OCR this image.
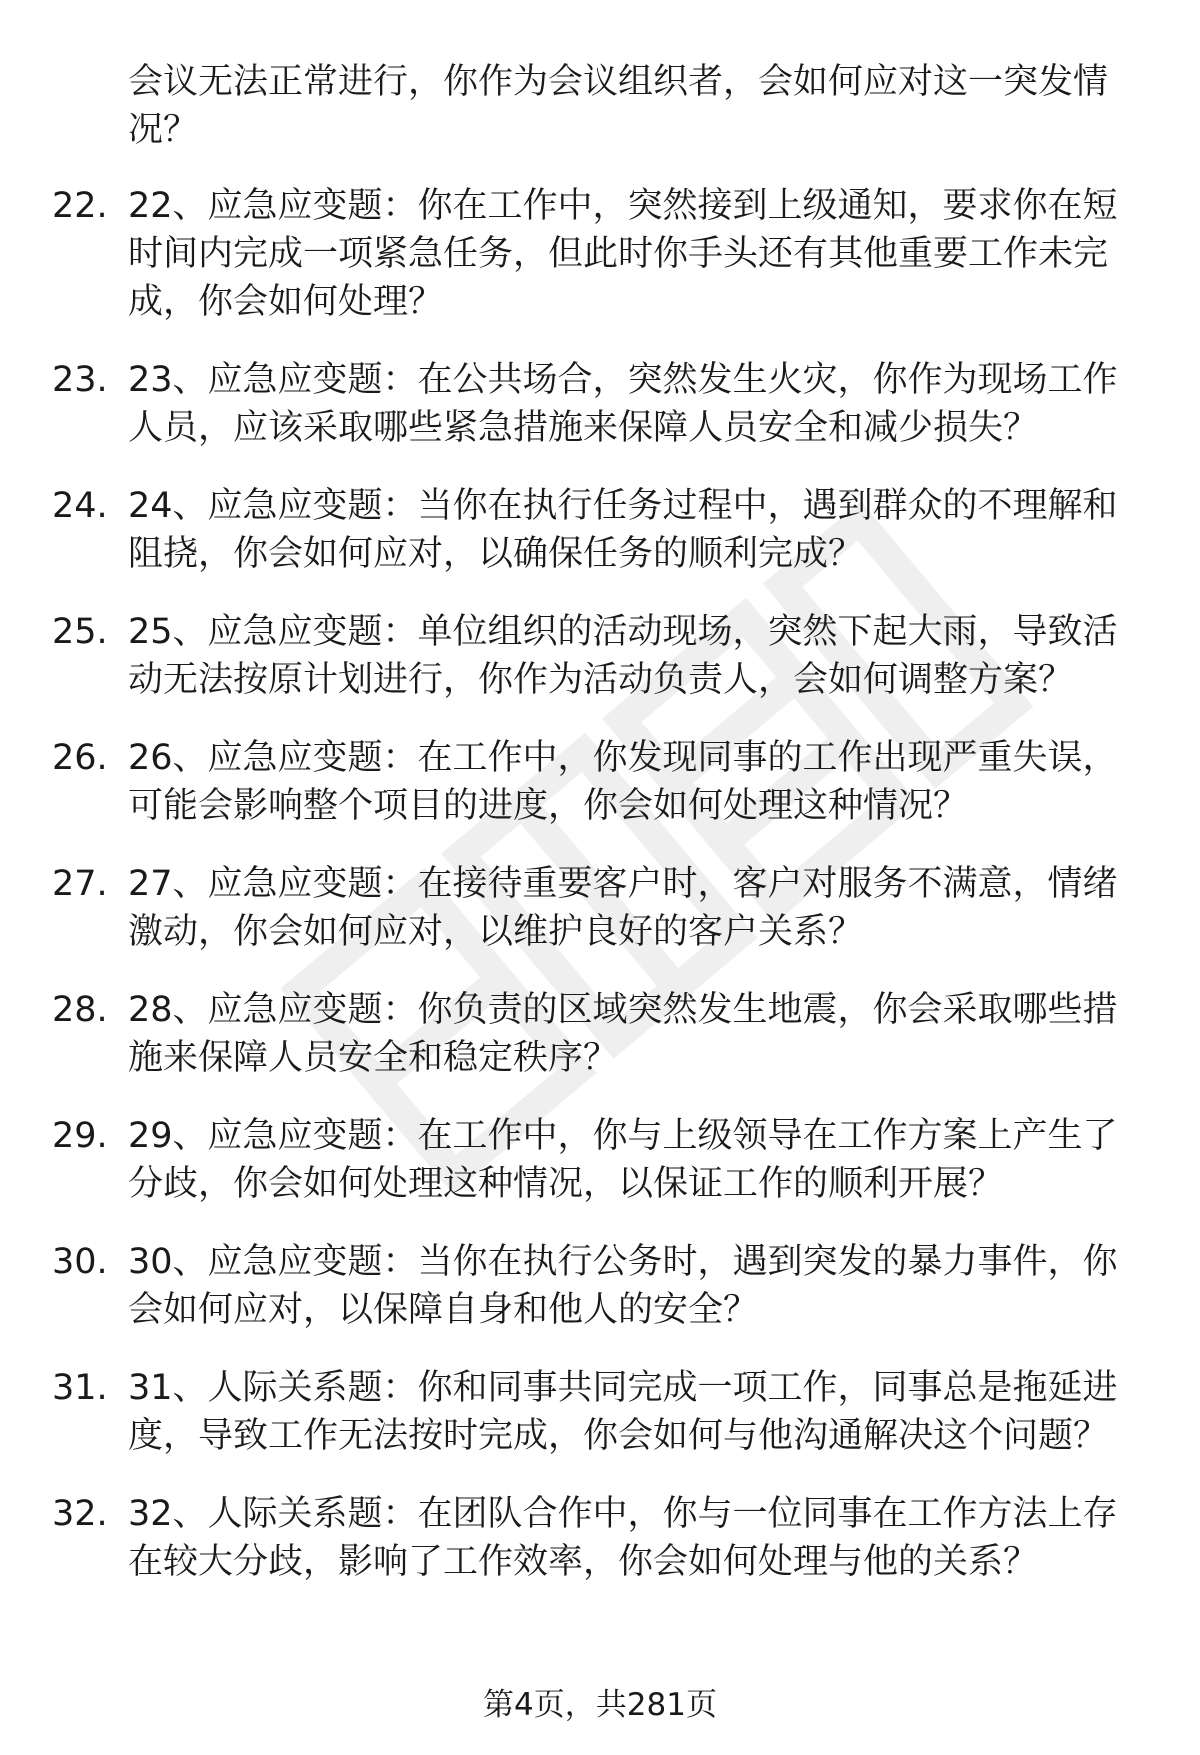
会议无法正常进行，你作为会议组织者，会如何应对这一突发情况？

22. 22、应急应变题：你在工作中，突然接到上级通知，要求你在短时间内完成一项紧急任务，但此时你手头还有其他重要工作未完成，你会如何处理？
23. 23、应急应变题：在公共场合，突然发生火灾，你作为现场工作人员，应该采取哪些紧急措施来保障人员安全和减少损失？
24. 24、应急应变题：当你在执行任务过程中，遇到群众的不理解和阻挠，你会如何应对，以确保任务的顺利完成？
25. 25、应急应变题：单位组织的活动现场，突然下起大雨，导致活动无法按原计划进行，你作为活动负责人，会如何调整方案？
26. 26、应急应变题：在工作中，你发现同事的工作出现严重失误，可能会影响整个项目的进度，你会如何处理这种情况？
27. 27、应急应变题：在接待重要客户时，客户对服务不满意，情绪激动，你会如何应对，以维护良好的客户关系？
28. 28、应急应变题：你负责的区域突然发生地震，你会采取哪些措施来保障人员安全和稳定秩序？
29. 29、应急应变题：在工作中，你与上级领导在工作方案上产生了分歧，你会如何处理这种情况，以保证工作的顺利开展？
30. 30、应急应变题：当你在执行公务时，遇到突发的暴力事件，你会如何应对，以保障自身和他人的安全？
31. 31、人际关系题：你和同事共同完成一项工作，同事总是拖延进度，导致工作无法按时完成，你会如何与他沟通解决这个问题？
32. 32、人际关系题：在团队合作中，你与一位同事在工作方法上存在较大分歧，影响了工作效率，你会如何处理与他的关系？
第4页，共281页
